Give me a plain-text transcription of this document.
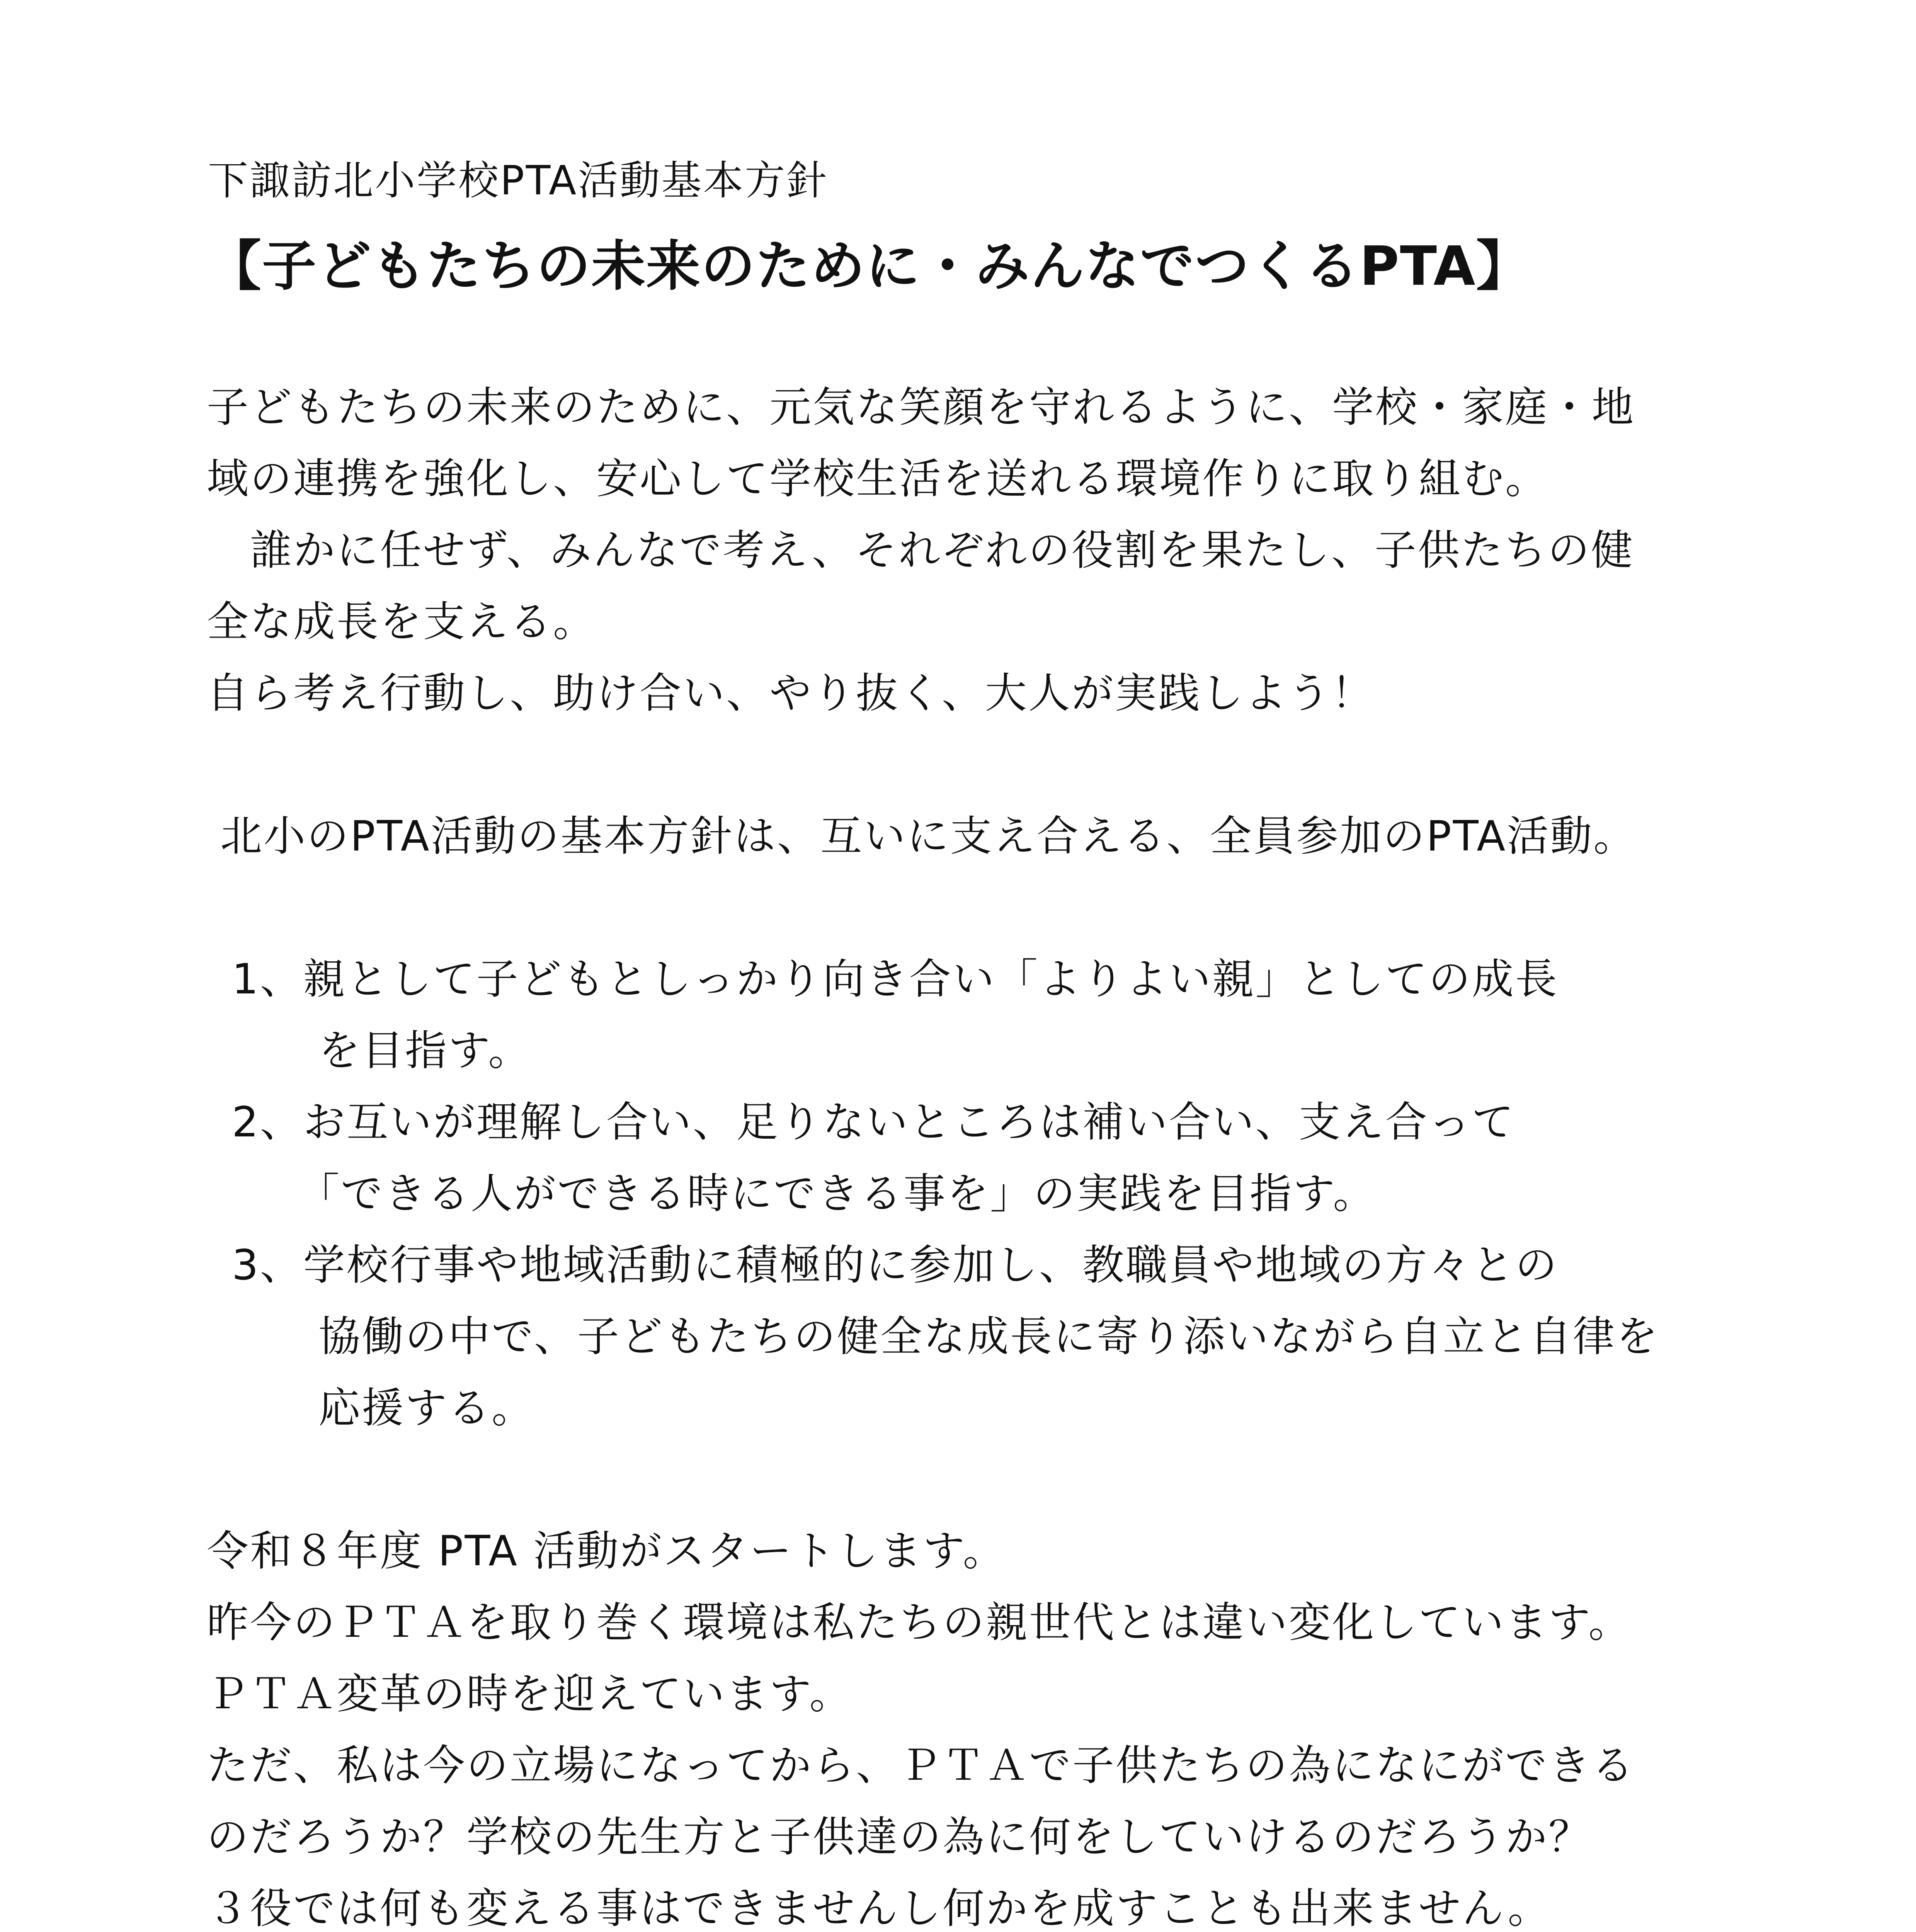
下諏訪北小学校PTA活動基本方針
【子どもたちの未来のために・みんなでつくるPTA】
子どもたちの未来のために、元気な笑顔を守れるように、学校・家庭・地
域の連携を強化し、安心して学校生活を送れる環境作りに取り組む。
　誰かに任せず、みんなで考え、それぞれの役割を果たし、子供たちの健
全な成長を支える。
自ら考え行動し、助け合い、やり抜く、大人が実践しよう！
北小のPTA活動の基本方針は、互いに支え合える、全員参加のPTA活動。
1、親として子どもとしっかり向き合い「よりよい親」としての成長
　　を目指す。
2、お互いが理解し合い、足りないところは補い合い、支え合って
　　「できる人ができる時にできる事を」の実践を目指す。
3、学校行事や地域活動に積極的に参加し、教職員や地域の方々との
　　協働の中で、子どもたちの健全な成長に寄り添いながら自立と自律を
　　応援する。
令和８年度 PTA 活動がスタートします。
昨今のＰＴＡを取り巻く環境は私たちの親世代とは違い変化しています。
ＰＴＡ変革の時を迎えています。
ただ、私は今の立場になってから、ＰＴＡで子供たちの為になにができる
のだろうか？学校の先生方と子供達の為に何をしていけるのだろうか？
３役では何も変える事はできませんし何かを成すことも出来ません。
